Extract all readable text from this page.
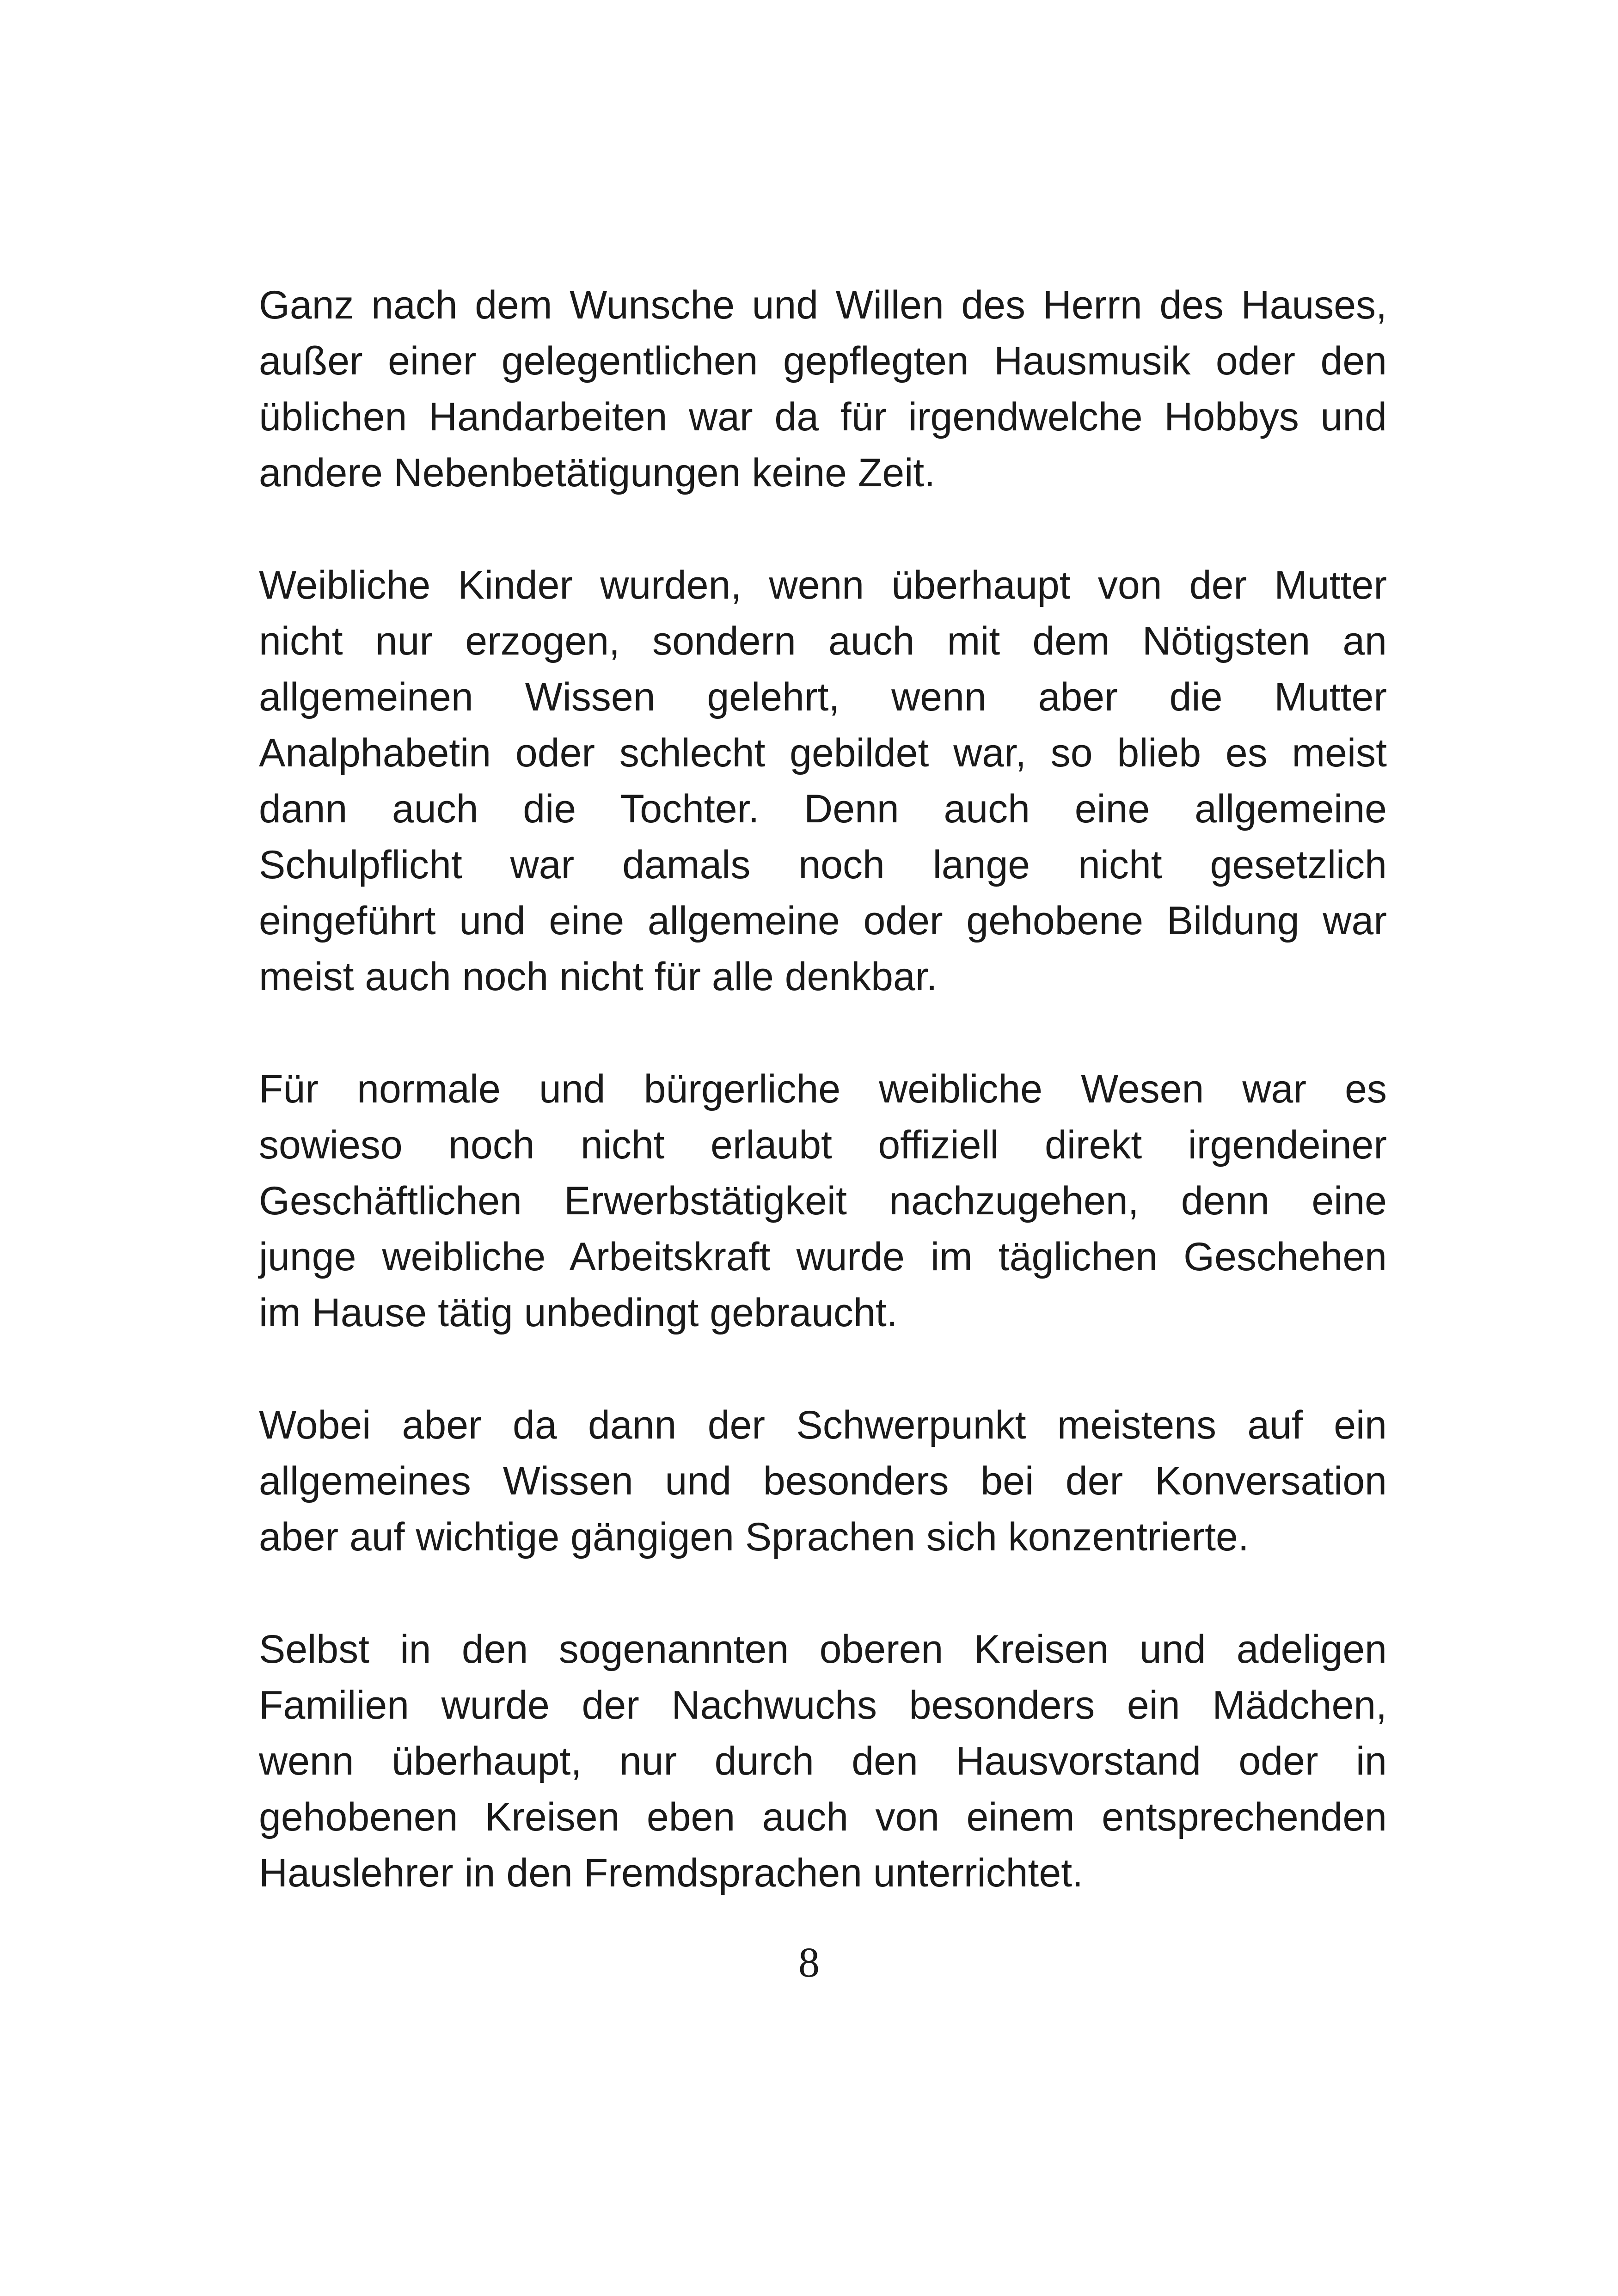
Ganz nach dem Wunsche und Willen des Herrn des Hauses,
außer einer gelegentlichen gepflegten Hausmusik oder den
üblichen Handarbeiten war da für irgendwelche Hobbys und
andere Nebenbetätigungen keine Zeit.

Weibliche Kinder wurden, wenn überhaupt von der Mutter
nicht nur erzogen, sondern auch mit dem Nötigsten an
allgemeinen Wissen gelehrt, wenn aber die Mutter
Analphabetin oder schlecht gebildet war, so blieb es meist
dann auch die Tochter. Denn auch eine allgemeine
Schulpflicht war damals noch lange nicht gesetzlich
eingeführt und eine allgemeine oder gehobene Bildung war
meist auch noch nicht für alle denkbar.

Für normale und bürgerliche weibliche Wesen war es
sowieso noch nicht erlaubt offiziell direkt irgendeiner
Geschäftlichen Erwerbstätigkeit nachzugehen, denn eine
junge weibliche Arbeitskraft wurde im täglichen Geschehen
im Hause tätig unbedingt gebraucht.

Wobei aber da dann der Schwerpunkt meistens auf ein
allgemeines Wissen und besonders bei der Konversation
aber auf wichtige gängigen Sprachen sich konzentrierte.

Selbst in den sogenannten oberen Kreisen und adeligen
Familien wurde der Nachwuchs besonders ein Mädchen,
wenn überhaupt, nur durch den Hausvorstand oder in
gehobenen Kreisen eben auch von einem entsprechenden
Hauslehrer in den Fremdsprachen unterrichtet.

8
